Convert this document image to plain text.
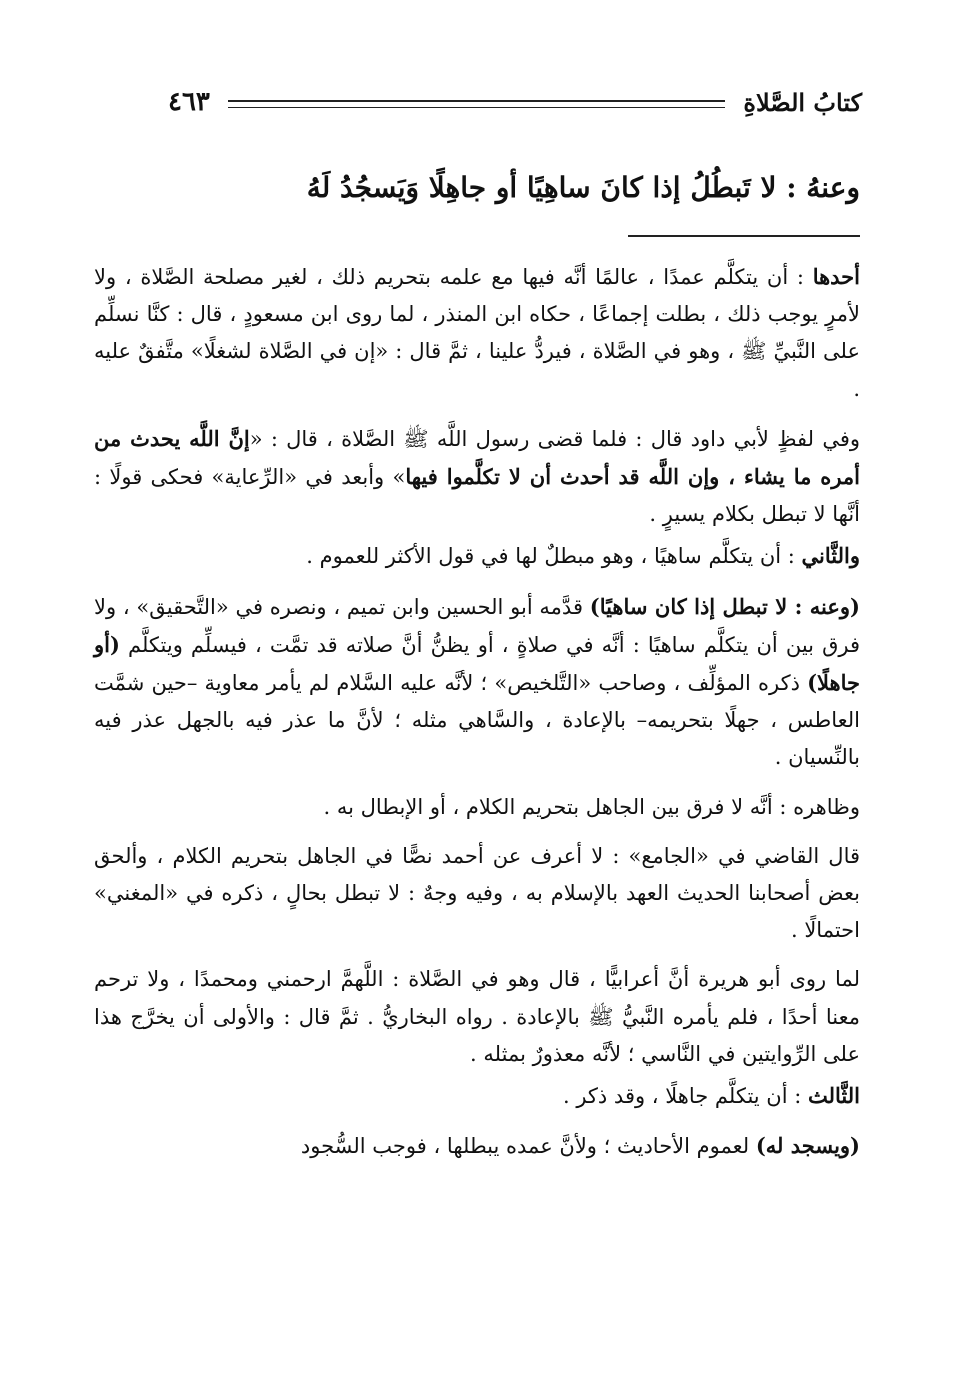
كتابُ الصَّلاةِ
٤٦٣
وعنهُ : لا تَبطُلُ إذا كانَ ساهِيًا أو جاهِلًا وَيَسجُدُ لَهُ

أحدها : أن يتكلَّم عمدًا ، عالمًا أنَّه فيها مع علمه بتحريم ذلك ، لغير مصلحة الصَّلاة ، ولا لأمرٍ يوجب ذلك ، بطلت إجماعًا ، حكاه ابن المنذر ، لما روى ابن مسعودٍ ، قال : كنَّا نسلِّم على النَّبيِّ ﷺ ، وهو في الصَّلاة ، فيردُّ علينا ، ثمَّ قال : «إن في الصَّلاة لشغلًا» متَّفقٌ عليه .

وفي لفظٍ لأبي داود قال : فلما قضى رسول اللَّه ﷺ الصَّلاة ، قال : «إنَّ اللَّه يحدث من أمره ما يشاء ، وإن اللَّه قد أحدث أن لا تكلَّموا فيها» وأبعد في «الرِّعاية» فحكى قولًا : أنَّها لا تبطل بكلام يسيرٍ .

والثَّاني : أن يتكلَّم ساهيًا ، وهو مبطلٌ لها في قول الأكثر للعموم .

(وعنه : لا تبطل إذا كان ساهيًا) قدَّمه أبو الحسين وابن تميم ، ونصره في «التَّحقيق» ، ولا فرق بين أن يتكلَّم ساهيًا : أنَّه في صلاةٍ ، أو يظنُّ أنَّ صلاته قد تمَّت ، فيسلِّم ويتكلَّم (أو جاهلًا) ذكره المؤلِّف ، وصاحب «التَّلخيص» ؛ لأنَّه عليه السَّلام لم يأمر معاوية –حين شمَّت العاطس ، جهلًا بتحريمه– بالإعادة ، والسَّاهي مثله ؛ لأنَّ ما عذر فيه بالجهل عذر فيه بالنِّسيان .

وظاهره : أنَّه لا فرق بين الجاهل بتحريم الكلام ، أو الإبطال به .

قال القاضي في «الجامع» : لا أعرف عن أحمد نصًّا في الجاهل بتحريم الكلام ، وألحق بعض أصحابنا الحديث العهد بالإسلام به ، وفيه وجهٌ : لا تبطل بحالٍ ، ذكره في «المغني» احتمالًا .

لما روى أبو هريرة أنَّ أعرابيًّا ، قال وهو في الصَّلاة : اللَّهمَّ ارحمني ومحمدًا ، ولا ترحم معنا أحدًا ، فلم يأمره النَّبيُّ ﷺ بالإعادة . رواه البخاريُّ . ثمَّ قال : والأولى أن يخرَّج هذا على الرِّوايتين في النَّاسي ؛ لأنَّه معذورٌ بمثله .

الثَّالث : أن يتكلَّم جاهلًا ، وقد ذكر .

(ويسجد له) لعموم الأحاديث ؛ ولأنَّ عمده يبطلها ، فوجب السُّجود
